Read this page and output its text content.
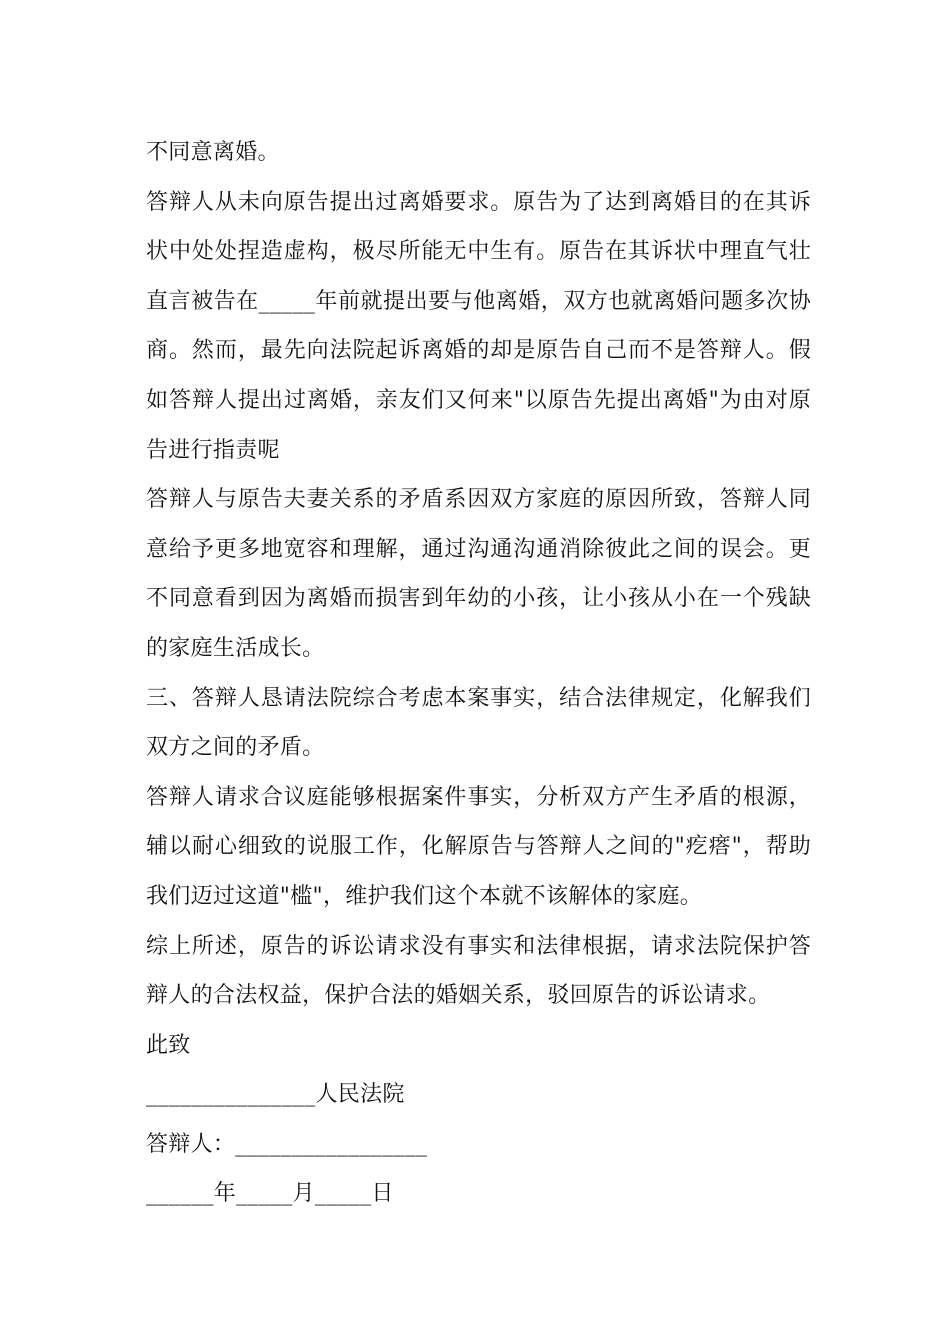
不同意离婚。

答辩人从未向原告提出过离婚要求。原告为了达到离婚目的在其诉状中处处捏造虚构，极尽所能无中生有。原告在其诉状中理直气壮直言被告在_____年前就提出要与他离婚，双方也就离婚问题多次协商。然而，最先向法院起诉离婚的却是原告自己而不是答辩人。假如答辩人提出过离婚，亲友们又何来"以原告先提出离婚"为由对原告进行指责呢

答辩人与原告夫妻关系的矛盾系因双方家庭的原因所致，答辩人同意给予更多地宽容和理解，通过沟通沟通消除彼此之间的误会。更不同意看到因为离婚而损害到年幼的小孩，让小孩从小在一个残缺的家庭生活成长。

三、答辩人恳请法院综合考虑本案事实，结合法律规定，化解我们双方之间的矛盾。

答辩人请求合议庭能够根据案件事实，分析双方产生矛盾的根源，辅以耐心细致的说服工作，化解原告与答辩人之间的"疙瘩"，帮助我们迈过这道"槛"，维护我们这个本就不该解体的家庭。

综上所述，原告的诉讼请求没有事实和法律根据，请求法院保护答辩人的合法权益，保护合法的婚姻关系，驳回原告的诉讼请求。

此致

_______________人民法院

答辩人：_________________

______年_____月_____日
